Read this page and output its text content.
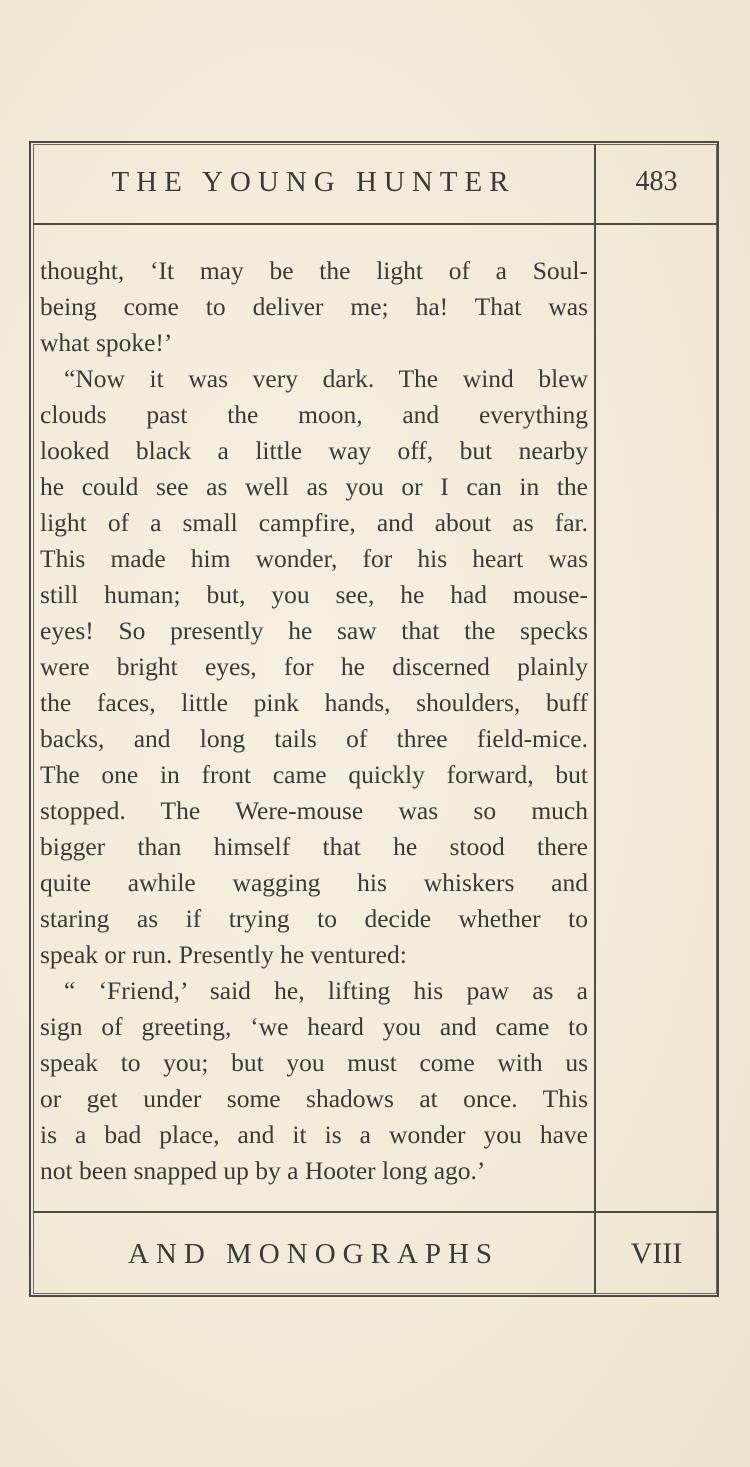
THE YOUNG HUNTER	483
thought, ‘It may be the light of a Soul-
being come to deliver me; ha! That was
what spoke!’
“Now it was very dark. The wind blew
clouds past the moon, and everything
looked black a little way off, but nearby
he could see as well as you or I can in the
light of a small campfire, and about as far.
This made him wonder, for his heart was
still human; but, you see, he had mouse-
eyes! So presently he saw that the specks
were bright eyes, for he discerned plainly
the faces, little pink hands, shoulders, buff
backs, and long tails of three field-mice.
The one in front came quickly forward, but
stopped. The Were-mouse was so much
bigger than himself that he stood there
quite awhile wagging his whiskers and
staring as if trying to decide whether to
speak or run. Presently he ventured:
“ ‘Friend,’ said he, lifting his paw as a
sign of greeting, ‘we heard you and came to
speak to you; but you must come with us
or get under some shadows at once. This
is a bad place, and it is a wonder you have
not been snapped up by a Hooter long ago.’
AND MONOGRAPHS	VIII
